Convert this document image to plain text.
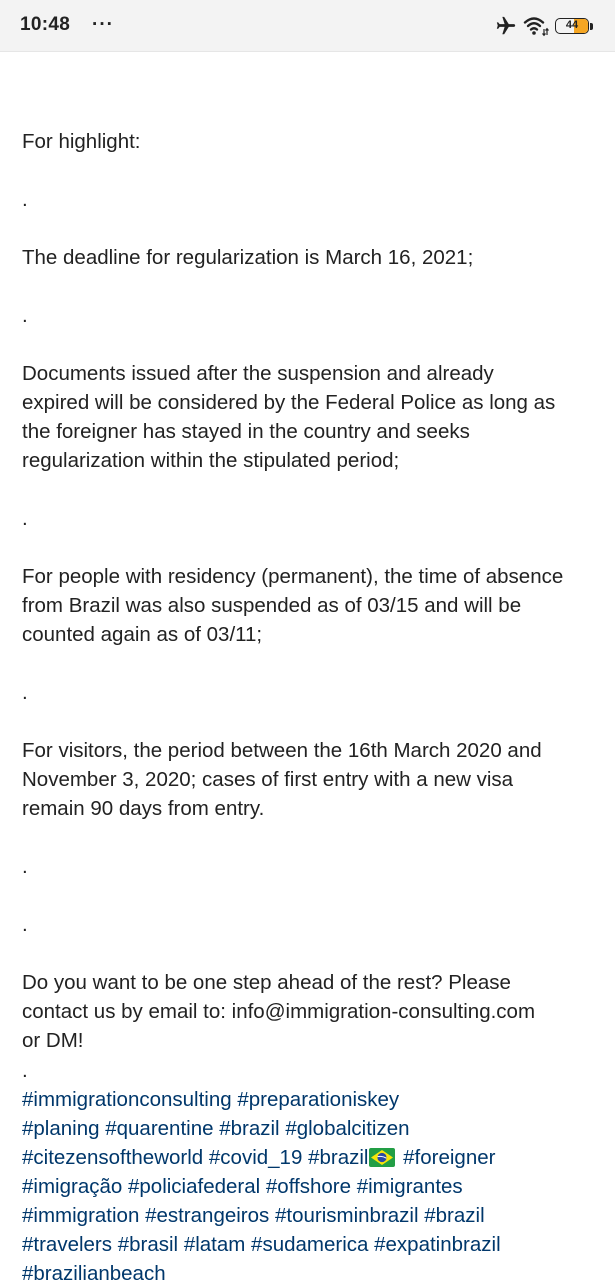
10:48 ···	44
For highlight:
.
The deadline for regularization is March 16, 2021;
.
Documents issued after the suspension and already
expired will be considered by the Federal Police as long as
the foreigner has stayed in the country and seeks
regularization within the stipulated period;
.
For people with residency (permanent), the time of absence
from Brazil was also suspended as of 03/15 and will be
counted again as of 03/11;
.
For visitors, the period between the 16th March 2020 and
November 3, 2020; cases of first entry with a new visa
remain 90 days from entry.
.
.
Do you want to be one step ahead of the rest? Please
contact us by email to: info@immigration-consulting.com
or DM!
.
#immigrationconsulting #preparationiskey
#planing #quarentine #brazil #globalcitizen
#citezensoftheworld #covid_19 #brazil #foreigner
#imigração #policiafederal #offshore #imigrantes
#immigration #estrangeiros #tourisminbrazil #brazil
#travelers #brasil #latam #sudamerica #expatinbrazil
#brazilianbeach
